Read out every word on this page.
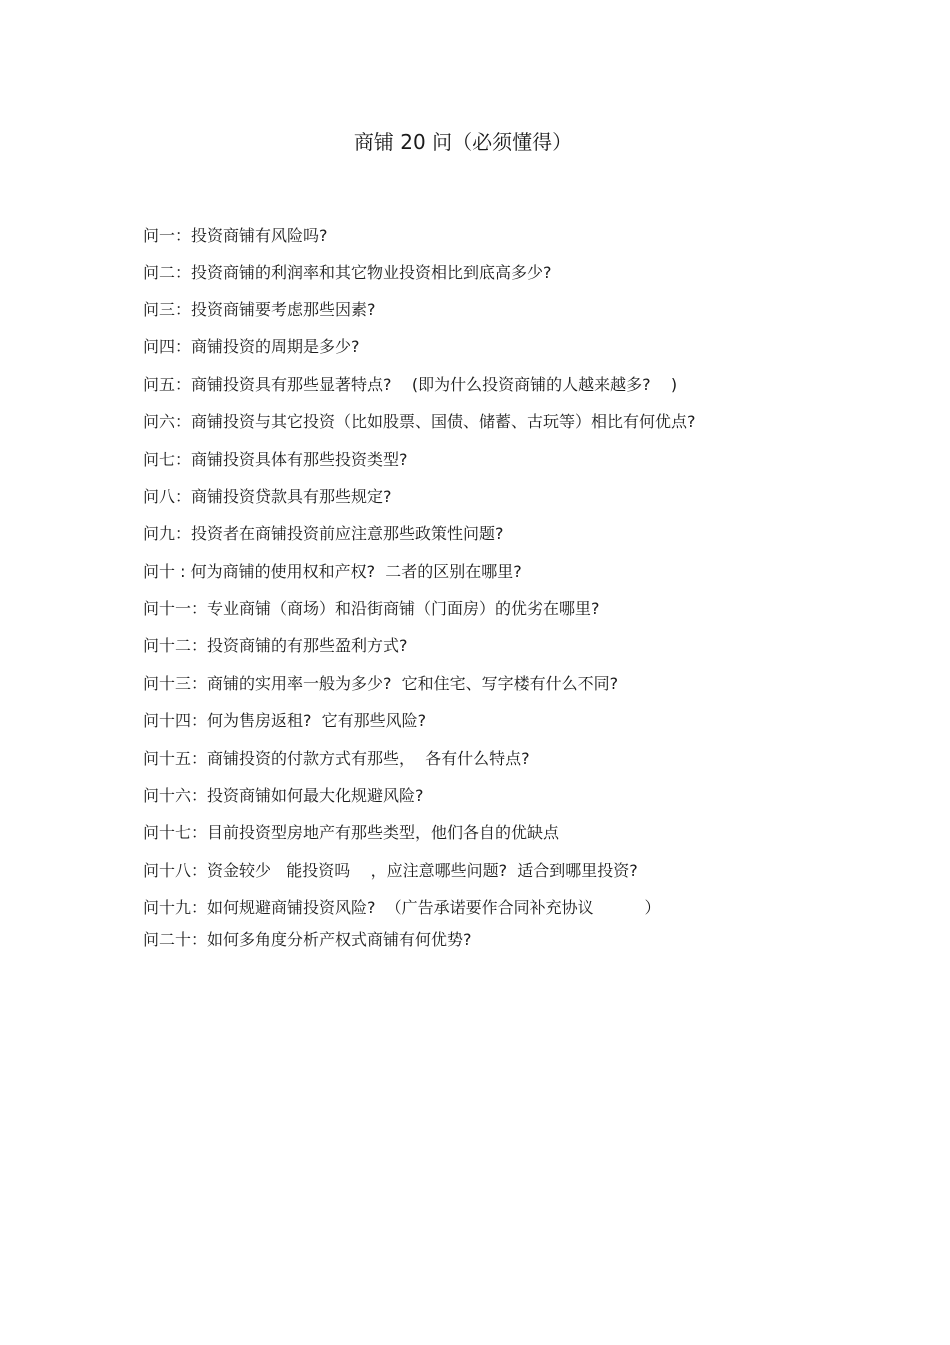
商铺 20 问（必须懂得）
问一：投资商铺有风险吗?
问二：投资商铺的利润率和其它物业投资相比到底高多少?
问三：投资商铺要考虑那些因素?
问四：商铺投资的周期是多少?
问五：商铺投资具有那些显著特点?    (即为什么投资商铺的人越来越多?    )
问六：商铺投资与其它投资（比如股票、国债、储蓄、古玩等）相比有何优点?
问七：商铺投资具体有那些投资类型?
问八：商铺投资贷款具有那些规定?
问九：投资者在商铺投资前应注意那些政策性问题?
问十 : 何为商铺的使用权和产权?  二者的区别在哪里?
问十一：专业商铺（商场）和沿街商铺（门面房）的优劣在哪里?
问十二：投资商铺的有那些盈利方式?
问十三：商铺的实用率一般为多少?  它和住宅、写字楼有什么不同?
问十四：何为售房返租?  它有那些风险?
问十五：商铺投资的付款方式有那些，  各有什么特点?
问十六：投资商铺如何最大化规避风险?
问十七：目前投资型房地产有那些类型，他们各自的优缺点
问十八：资金较少   能投资吗    ，应注意哪些问题?  适合到哪里投资?
问十九：如何规避商铺投资风险?  （广告承诺要作合同补充协议          ）
问二十：如何多角度分析产权式商铺有何优势?
